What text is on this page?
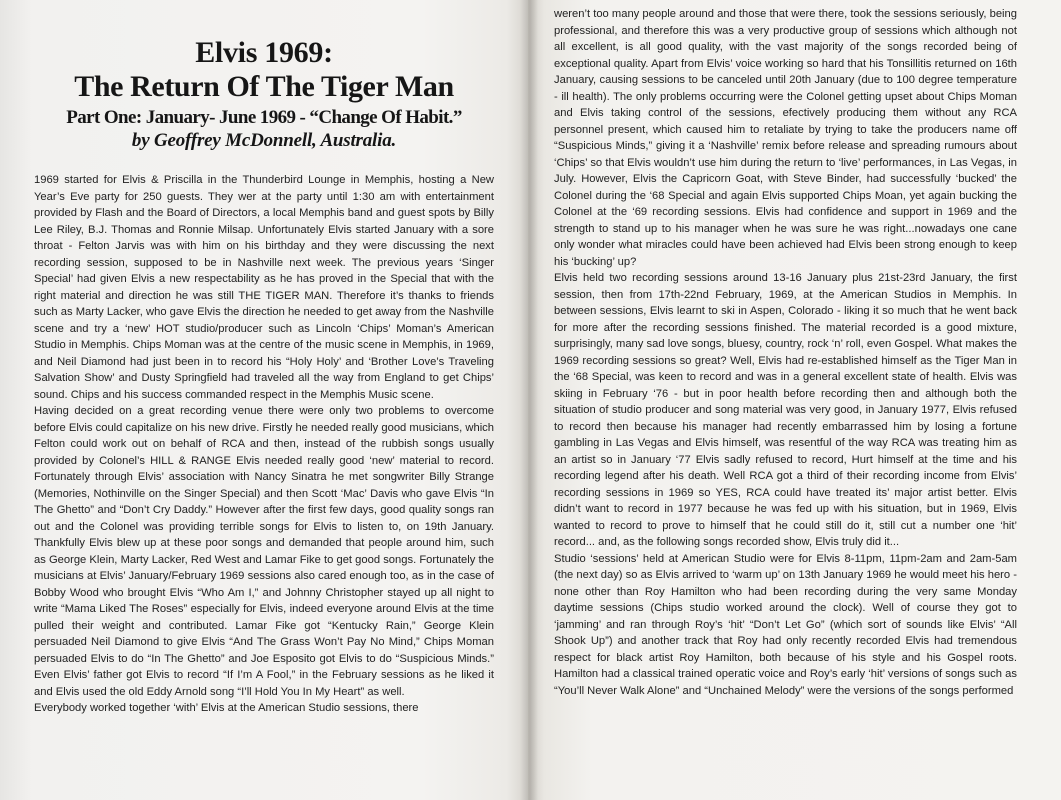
Elvis 1969:
The Return Of The Tiger Man
Part One: January- June 1969 - “Change Of Habit.”
by Geoffrey McDonnell, Australia.

1969 started for Elvis & Priscilla in the Thunderbird Lounge in Memphis, hosting a New Year’s Eve party for 250 guests. They wer at the party until 1:30 am with entertainment provided by Flash and the Board of Directors, a local Memphis band and guest spots by Billy Lee Riley, B.J. Thomas and Ronnie Milsap. Unfortunately Elvis started January with a sore throat - Felton Jarvis was with him on his birthday and they were discussing the next recording session, supposed to be in Nashville next week. The previous years ‘Singer Special’ had given Elvis a new respectability as he has proved in the Special that with the right material and direction he was still THE TIGER MAN. Therefore it’s thanks to friends such as Marty Lacker, who gave Elvis the direction he needed to get away from the Nashville scene and try a ‘new’ HOT studio/producer such as Lincoln ‘Chips’ Moman’s American Studio in Memphis. Chips Moman was at the centre of the music scene in Memphis, in 1969, and Neil Diamond had just been in to record his “Holy Holy’ and ‘Brother Love’s Traveling Salvation Show’ and Dusty Springfield had traveled all the way from England to get Chips’ sound. Chips and his success commanded respect in the Memphis Music scene.

Having decided on a great recording venue there were only two problems to overcome before Elvis could capitalize on his new drive. Firstly he needed really good musicians, which Felton could work out on behalf of RCA and then, instead of the rubbish songs usually provided by Colonel’s HILL & RANGE Elvis needed really good ‘new’ material to record. Fortunately through Elvis’ association with Nancy Sinatra he met songwriter Billy Strange (Memories, Nothinville on the Singer Special) and then Scott ‘Mac’ Davis who gave Elvis “In The Ghetto” and “Don’t Cry Daddy.” However after the first few days, good quality songs ran out and the Colonel was providing terrible songs for Elvis to listen to, on 19th January. Thankfully Elvis blew up at these poor songs and demanded that people around him, such as George Klein, Marty Lacker, Red West and Lamar Fike to get good songs. Fortunately the musicians at Elvis’ January/February 1969 sessions also cared enough too, as in the case of Bobby Wood who brought Elvis “Who Am I,” and Johnny Christopher stayed up all night to write “Mama Liked The Roses” especially for Elvis, indeed everyone around Elvis at the time pulled their weight and contributed. Lamar Fike got “Kentucky Rain,” George Klein persuaded Neil Diamond to give Elvis “And The Grass Won’t Pay No Mind,” Chips Moman persuaded Elvis to do “In The Ghetto” and Joe Esposito got Elvis to do “Suspicious Minds.” Even Elvis’ father got Elvis to record “If I’m A Fool,” in the February sessions as he liked it and Elvis used the old Eddy Arnold song “I’ll Hold You In My Heart” as well.

Everybody worked together ‘with’ Elvis at the American Studio sessions, there

weren’t too many people around and those that were there, took the sessions seriously, being professional, and therefore this was a very productive group of sessions which although not all excellent, is all good quality, with the vast majority of the songs recorded being of exceptional quality. Apart from Elvis’ voice working so hard that his Tonsillitis returned on 16th January, causing sessions to be canceled until 20th January (due to 100 degree temperature - ill health). The only problems occurring were the Colonel getting upset about Chips Moman and Elvis taking control of the sessions, efectively producing them without any RCA personnel present, which caused him to retaliate by trying to take the producers name off “Suspicious Minds,” giving it a ‘Nashville’ remix before release and spreading rumours about ‘Chips’ so that Elvis wouldn’t use him during the return to ‘live’ performances, in Las Vegas, in July. However, Elvis the Capricorn Goat, with Steve Binder, had successfully ‘bucked’ the Colonel during the ‘68 Special and again Elvis supported Chips Moan, yet again bucking the Colonel at the ‘69 recording sessions. Elvis had confidence and support in 1969 and the strength to stand up to his manager when he was sure he was right...nowadays one cane only wonder what miracles could have been achieved had Elvis been strong enough to keep his ‘bucking’ up?

Elvis held two recording sessions around 13-16 January plus 21st-23rd January, the first session, then from 17th-22nd February, 1969, at the American Studios in Memphis. In between sessions, Elvis learnt to ski in Aspen, Colorado - liking it so much that he went back for more after the recording sessions finished. The material recorded is a good mixture, surprisingly, many sad love songs, bluesy, country, rock ‘n’ roll, even Gospel. What makes the 1969 recording sessions so great? Well, Elvis had re-established himself as the Tiger Man in the ‘68 Special, was keen to record and was in a general excellent state of health. Elvis was skiing in February ‘76 - but in poor health before recording then and although both the situation of studio producer and song material was very good, in January 1977, Elvis refused to record then because his manager had recently embarrassed him by losing a fortune gambling in Las Vegas and Elvis himself, was resentful of the way RCA was treating him as an artist so in January ‘77 Elvis sadly refused to record, Hurt himself at the time and his recording legend after his death. Well RCA got a third of their recording income from Elvis’ recording sessions in 1969 so YES, RCA could have treated its’ major artist better. Elvis didn’t want to record in 1977 because he was fed up with his situation, but in 1969, Elvis wanted to record to prove to himself that he could still do it, still cut a number one ‘hit’ record... and, as the following songs recorded show, Elvis truly did it...

Studio ‘sessions’ held at American Studio were for Elvis 8-11pm, 11pm-2am and 2am-5am (the next day) so as Elvis arrived to ‘warm up’ on 13th January 1969 he would meet his hero - none other than Roy Hamilton who had been recording during the very same Monday daytime sessions (Chips studio worked around the clock). Well of course they got to ‘jamming’ and ran through Roy’s ‘hit’ “Don’t Let Go” (which sort of sounds like Elvis’ “All Shook Up”) and another track that Roy had only recently recorded Elvis had tremendous respect for black artist Roy Hamilton, both because of his style and his Gospel roots. Hamilton had a classical trained operatic voice and Roy’s early ‘hit’ versions of songs such as “You’ll Never Walk Alone” and “Unchained Melody” were the versions of the songs performed
